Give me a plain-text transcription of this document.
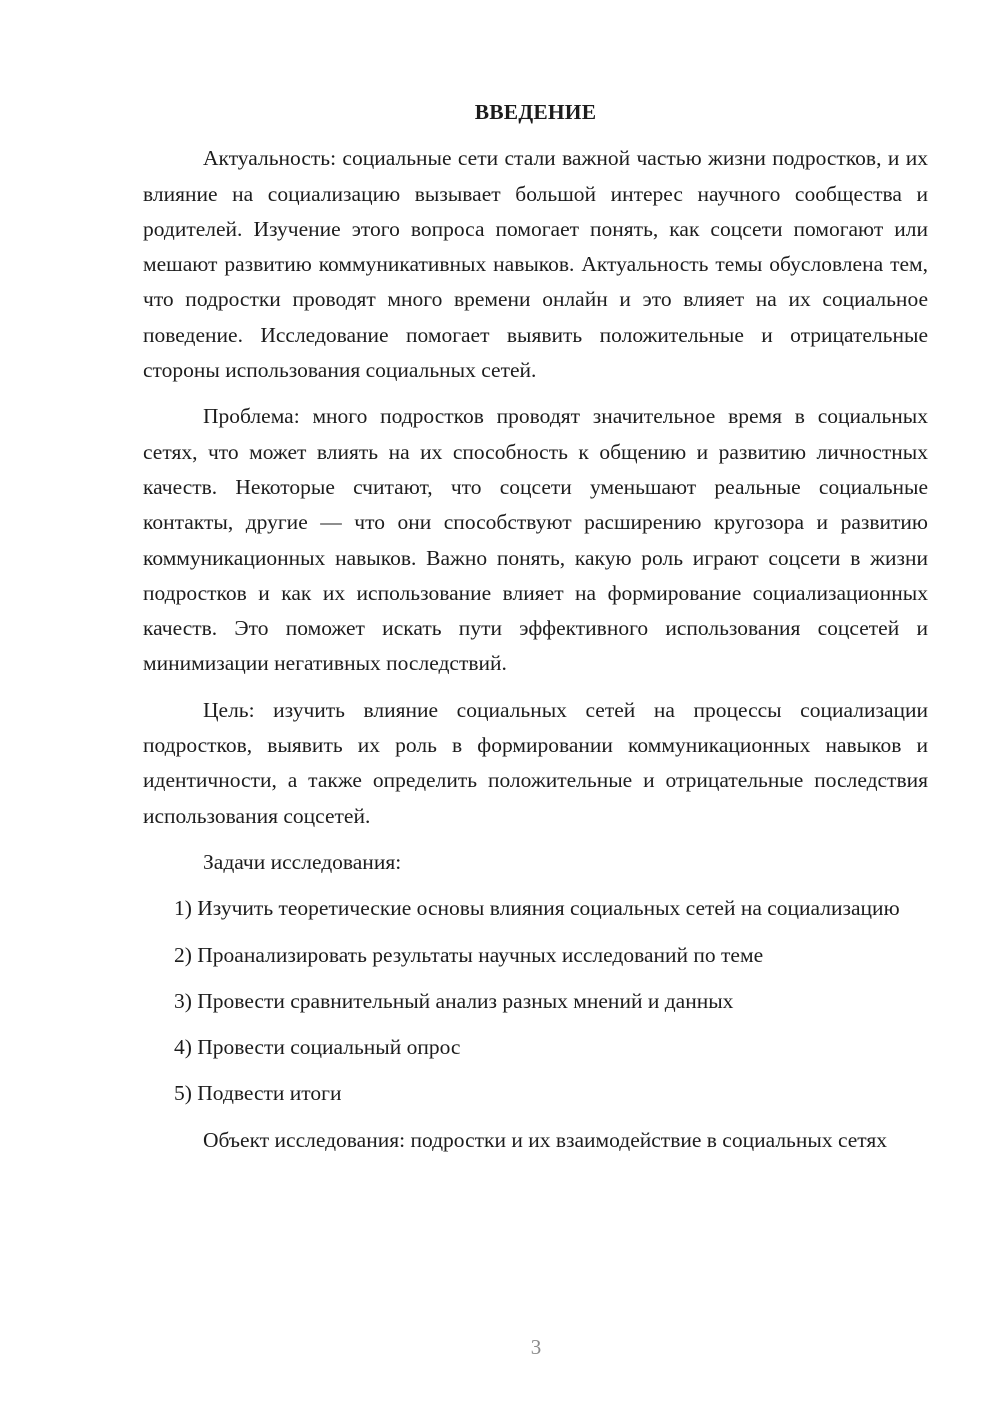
ВВЕДЕНИЕ

Актуальность: социальные сети стали важной частью жизни подростков, и их влияние на социализацию вызывает большой интерес научного сообщества и родителей. Изучение этого вопроса помогает понять, как соцсети помогают или мешают развитию коммуникативных навыков. Актуальность темы обусловлена тем, что подростки проводят много времени онлайн и это влияет на их социальное поведение. Исследование помогает выявить положительные и отрицательные стороны использования социальных сетей.

Проблема: много подростков проводят значительное время в социальных сетях, что может влиять на их способность к общению и развитию личностных качеств. Некоторые считают, что соцсети уменьшают реальные социальные контакты, другие — что они способствуют расширению кругозора и развитию коммуникационных навыков. Важно понять, какую роль играют соцсети в жизни подростков и как их использование влияет на формирование социализационных качеств. Это поможет искать пути эффективного использования соцсетей и минимизации негативных последствий.

Цель: изучить влияние социальных сетей на процессы социализации подростков, выявить их роль в формировании коммуникационных навыков и идентичности, а также определить положительные и отрицательные последствия использования соцсетей.

Задачи исследования:

1) Изучить теоретические основы влияния социальных сетей на социализацию

2) Проанализировать результаты научных исследований по теме

3) Провести сравнительный анализ разных мнений и данных

4) Провести социальный опрос

5) Подвести итоги

Объект исследования: подростки и их взаимодействие в социальных сетях

3
